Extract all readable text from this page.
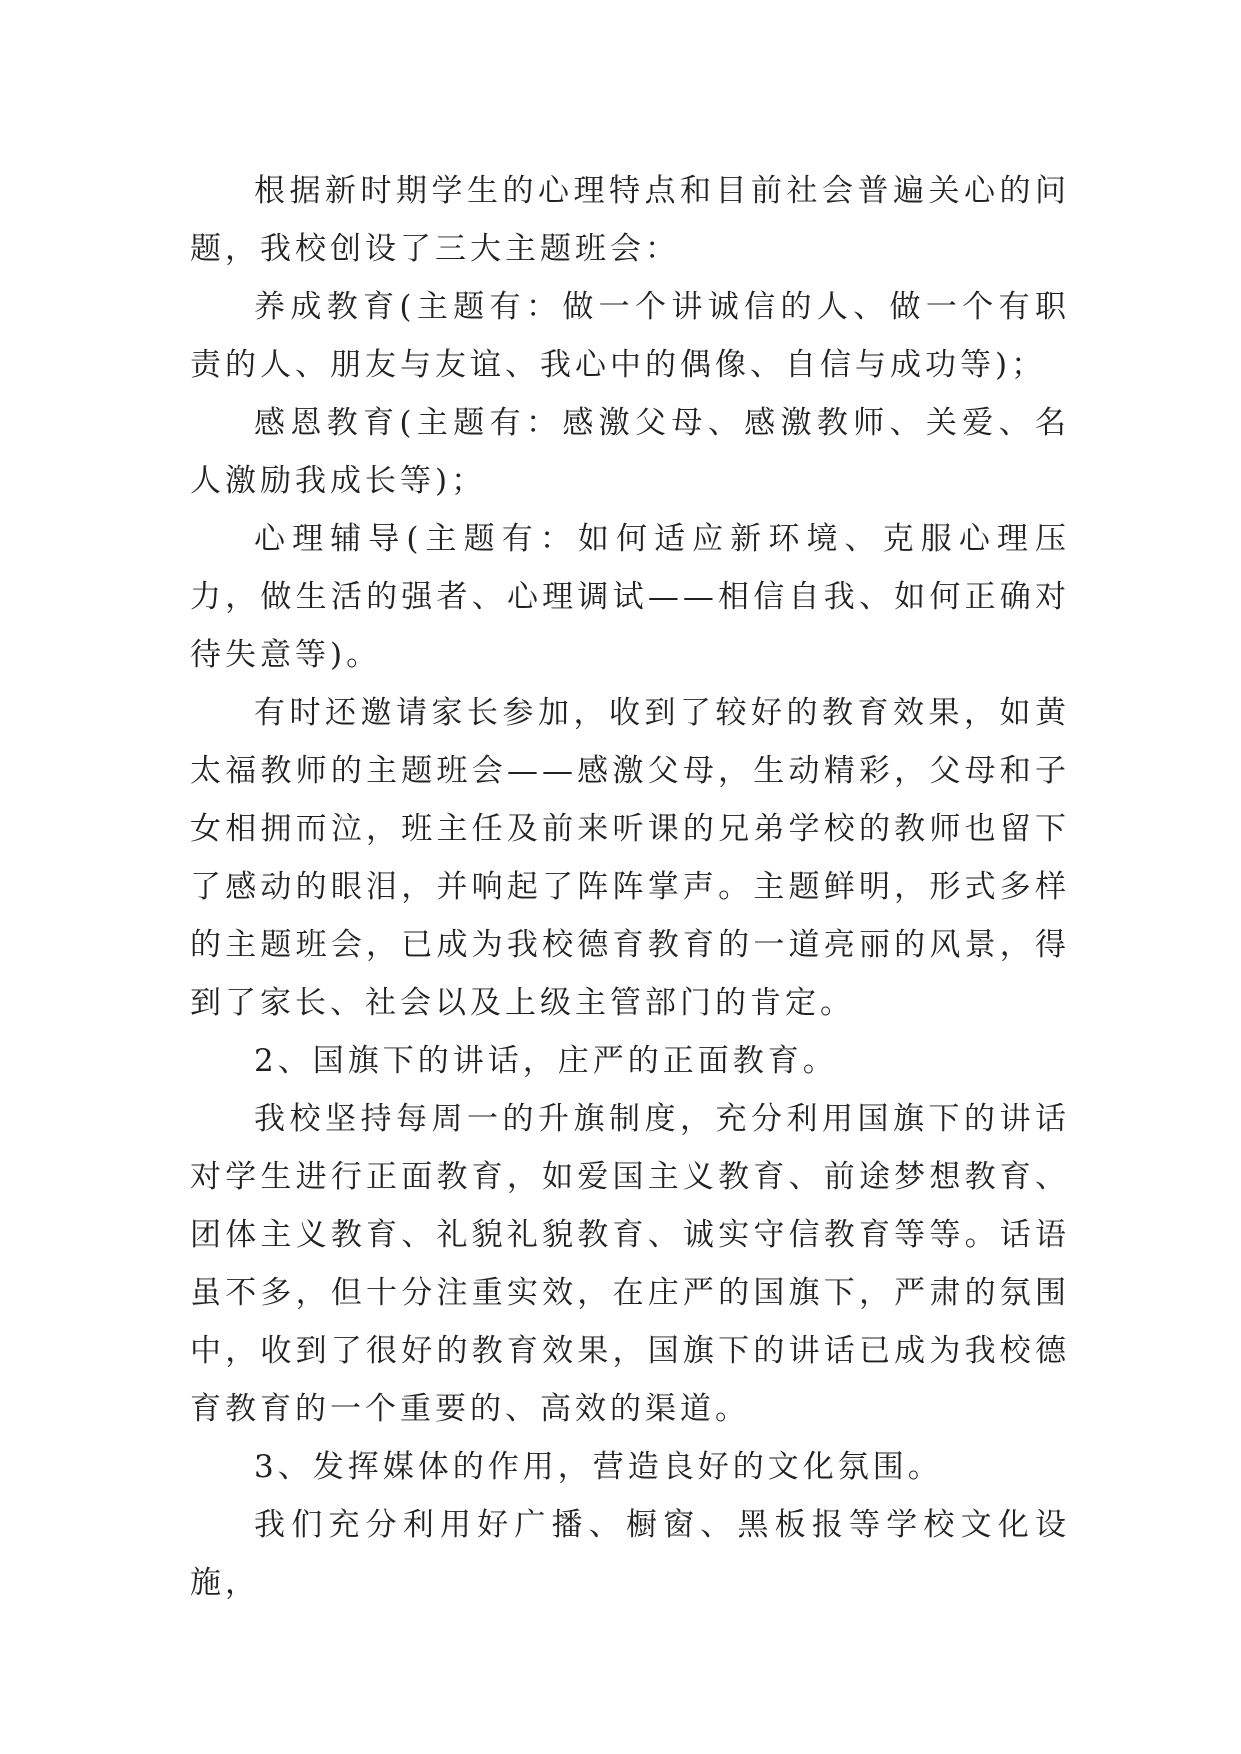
根据新时期学生的心理特点和目前社会普遍关心的问题，我校创设了三大主题班会：

养成教育(主题有：做一个讲诚信的人、做一个有职责的人、朋友与友谊、我心中的偶像、自信与成功等)；

感恩教育(主题有：感激父母、感激教师、关爱、名人激励我成长等)；

心理辅导(主题有：如何适应新环境、克服心理压力，做生活的强者、心理调试——相信自我、如何正确对待失意等)。

有时还邀请家长参加，收到了较好的教育效果，如黄太福教师的主题班会——感激父母，生动精彩，父母和子女相拥而泣，班主任及前来听课的兄弟学校的教师也留下了感动的眼泪，并响起了阵阵掌声。主题鲜明，形式多样的主题班会，已成为我校德育教育的一道亮丽的风景，得到了家长、社会以及上级主管部门的肯定。

2、国旗下的讲话，庄严的正面教育。

我校坚持每周一的升旗制度，充分利用国旗下的讲话对学生进行正面教育，如爱国主义教育、前途梦想教育、团体主义教育、礼貌礼貌教育、诚实守信教育等等。话语虽不多，但十分注重实效，在庄严的国旗下，严肃的氛围中，收到了很好的教育效果，国旗下的讲话已成为我校德育教育的一个重要的、高效的渠道。

3、发挥媒体的作用，营造良好的文化氛围。

我们充分利用好广播、橱窗、黑板报等学校文化设施，
